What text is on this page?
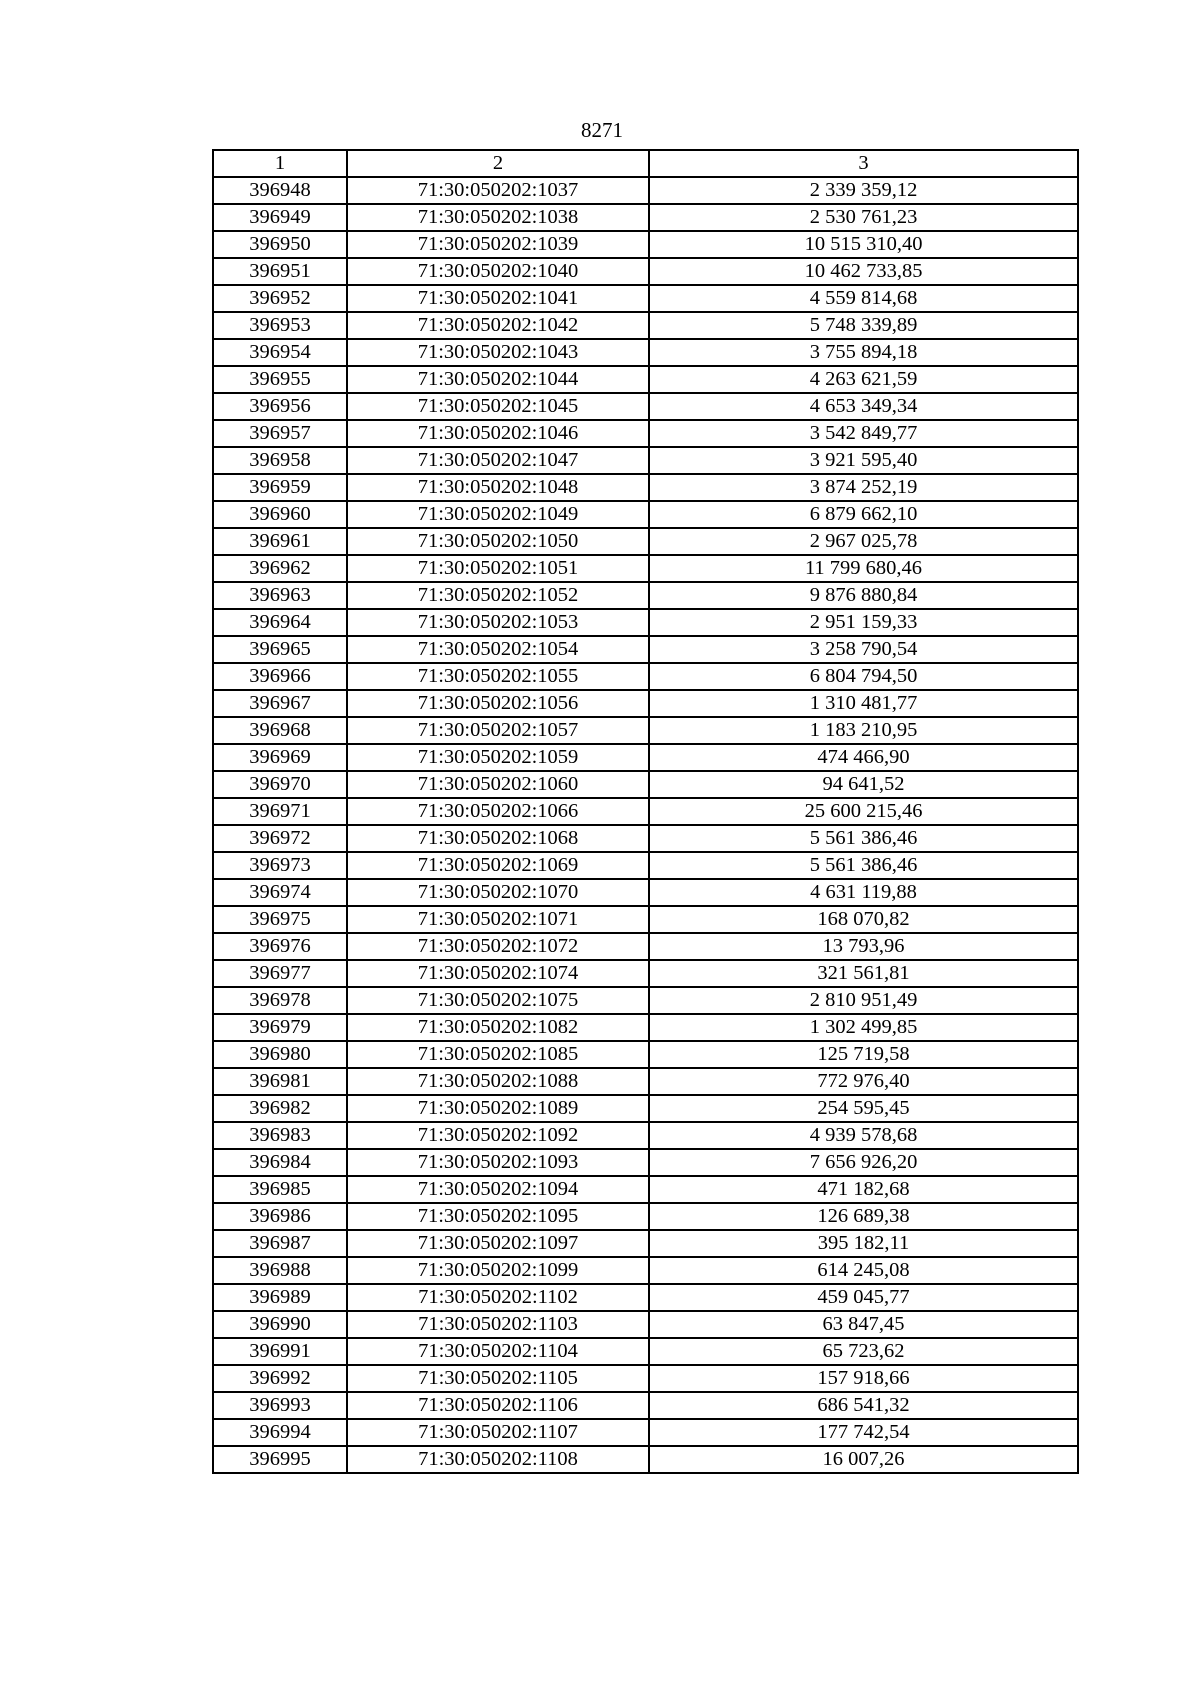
8271
1	2	3
396948	71:30:050202:1037	2 339 359,12
396949	71:30:050202:1038	2 530 761,23
396950	71:30:050202:1039	10 515 310,40
396951	71:30:050202:1040	10 462 733,85
396952	71:30:050202:1041	4 559 814,68
396953	71:30:050202:1042	5 748 339,89
396954	71:30:050202:1043	3 755 894,18
396955	71:30:050202:1044	4 263 621,59
396956	71:30:050202:1045	4 653 349,34
396957	71:30:050202:1046	3 542 849,77
396958	71:30:050202:1047	3 921 595,40
396959	71:30:050202:1048	3 874 252,19
396960	71:30:050202:1049	6 879 662,10
396961	71:30:050202:1050	2 967 025,78
396962	71:30:050202:1051	11 799 680,46
396963	71:30:050202:1052	9 876 880,84
396964	71:30:050202:1053	2 951 159,33
396965	71:30:050202:1054	3 258 790,54
396966	71:30:050202:1055	6 804 794,50
396967	71:30:050202:1056	1 310 481,77
396968	71:30:050202:1057	1 183 210,95
396969	71:30:050202:1059	474 466,90
396970	71:30:050202:1060	94 641,52
396971	71:30:050202:1066	25 600 215,46
396972	71:30:050202:1068	5 561 386,46
396973	71:30:050202:1069	5 561 386,46
396974	71:30:050202:1070	4 631 119,88
396975	71:30:050202:1071	168 070,82
396976	71:30:050202:1072	13 793,96
396977	71:30:050202:1074	321 561,81
396978	71:30:050202:1075	2 810 951,49
396979	71:30:050202:1082	1 302 499,85
396980	71:30:050202:1085	125 719,58
396981	71:30:050202:1088	772 976,40
396982	71:30:050202:1089	254 595,45
396983	71:30:050202:1092	4 939 578,68
396984	71:30:050202:1093	7 656 926,20
396985	71:30:050202:1094	471 182,68
396986	71:30:050202:1095	126 689,38
396987	71:30:050202:1097	395 182,11
396988	71:30:050202:1099	614 245,08
396989	71:30:050202:1102	459 045,77
396990	71:30:050202:1103	63 847,45
396991	71:30:050202:1104	65 723,62
396992	71:30:050202:1105	157 918,66
396993	71:30:050202:1106	686 541,32
396994	71:30:050202:1107	177 742,54
396995	71:30:050202:1108	16 007,26
